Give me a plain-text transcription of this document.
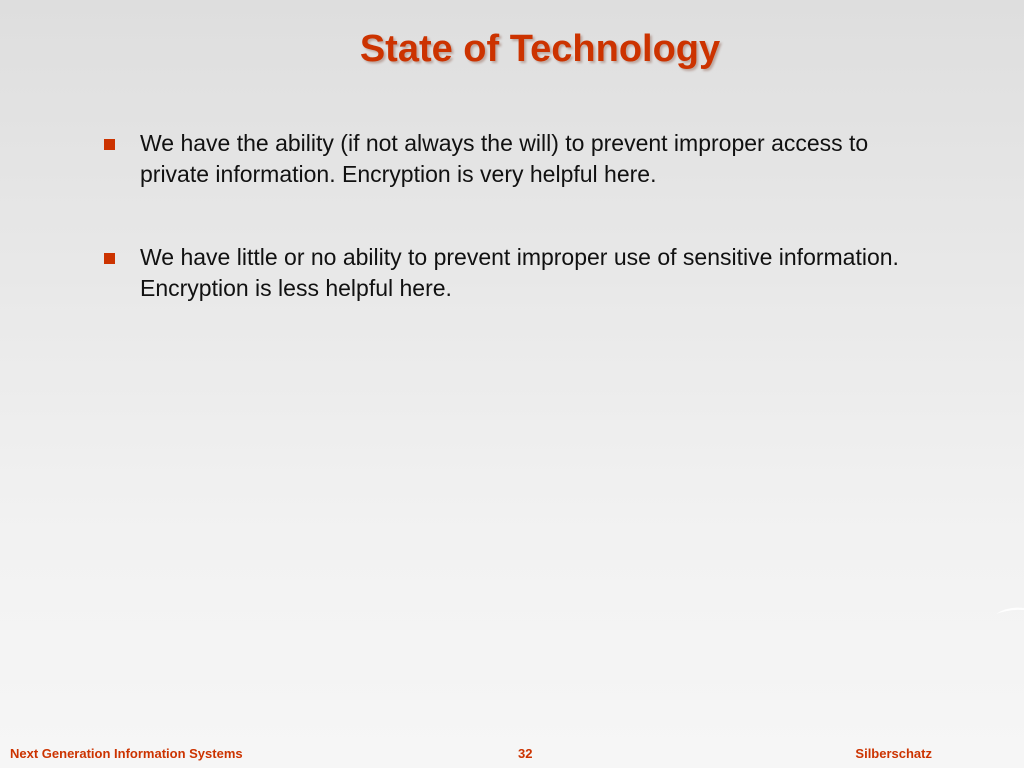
State of Technology
We have the ability (if not always the will) to prevent improper access to private information. Encryption is very helpful here.
We have little or no ability to prevent improper use of sensitive information. Encryption is less helpful here.
Next Generation Information Systems	32	Silberschatz
